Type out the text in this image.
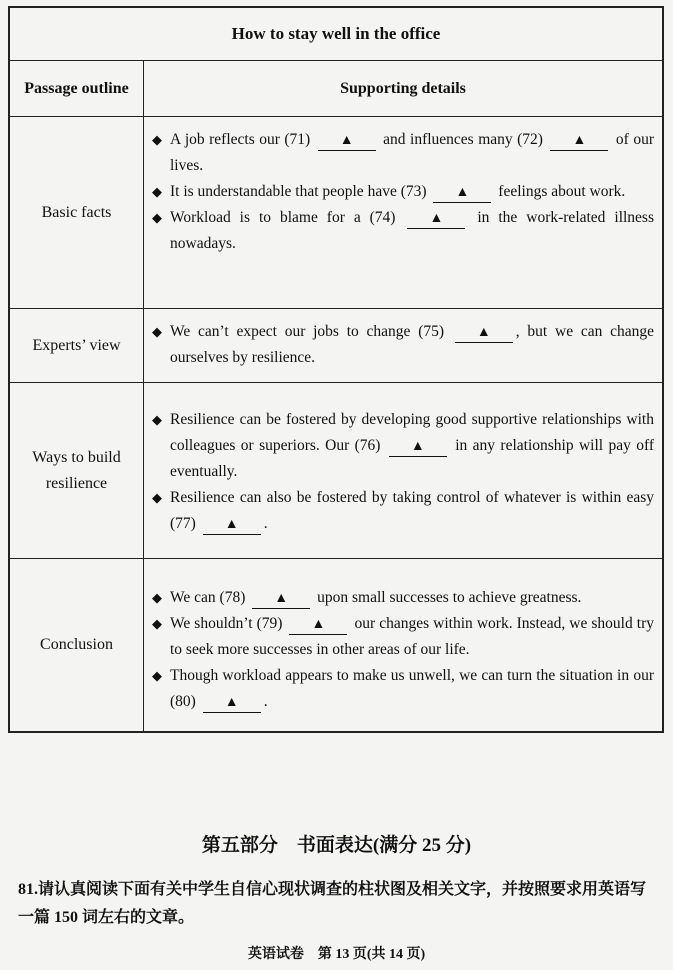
How to stay well in the office
Passage outline	Supporting details
Basic facts
◆ A job reflects our (71) ▲ and influences many (72) ▲ of our lives.
◆ It is understandable that people have (73) ▲ feelings about work.
◆ Workload is to blame for a (74) ▲ in the work-related illness nowadays.
Experts’ view
◆ We can’t expect our jobs to change (75) ▲ , but we can change ourselves by resilience.
Ways to build resilience
◆ Resilience can be fostered by developing good supportive relationships with colleagues or superiors. Our (76) ▲ in any relationship will pay off eventually.
◆ Resilience can also be fostered by taking control of whatever is within easy (77) ▲ .
Conclusion
◆ We can (78) ▲ upon small successes to achieve greatness.
◆ We shouldn’t (79) ▲ our changes within work. Instead, we should try to seek more successes in other areas of our life.
◆ Though workload appears to make us unwell, we can turn the situation in our (80) ▲ .
第五部分　书面表达(满分 25 分)
81.请认真阅读下面有关中学生自信心现状调查的柱状图及相关文字，并按照要求用英语写一篇 150 词左右的文章。
英语试卷　第 13 页(共 14 页)
